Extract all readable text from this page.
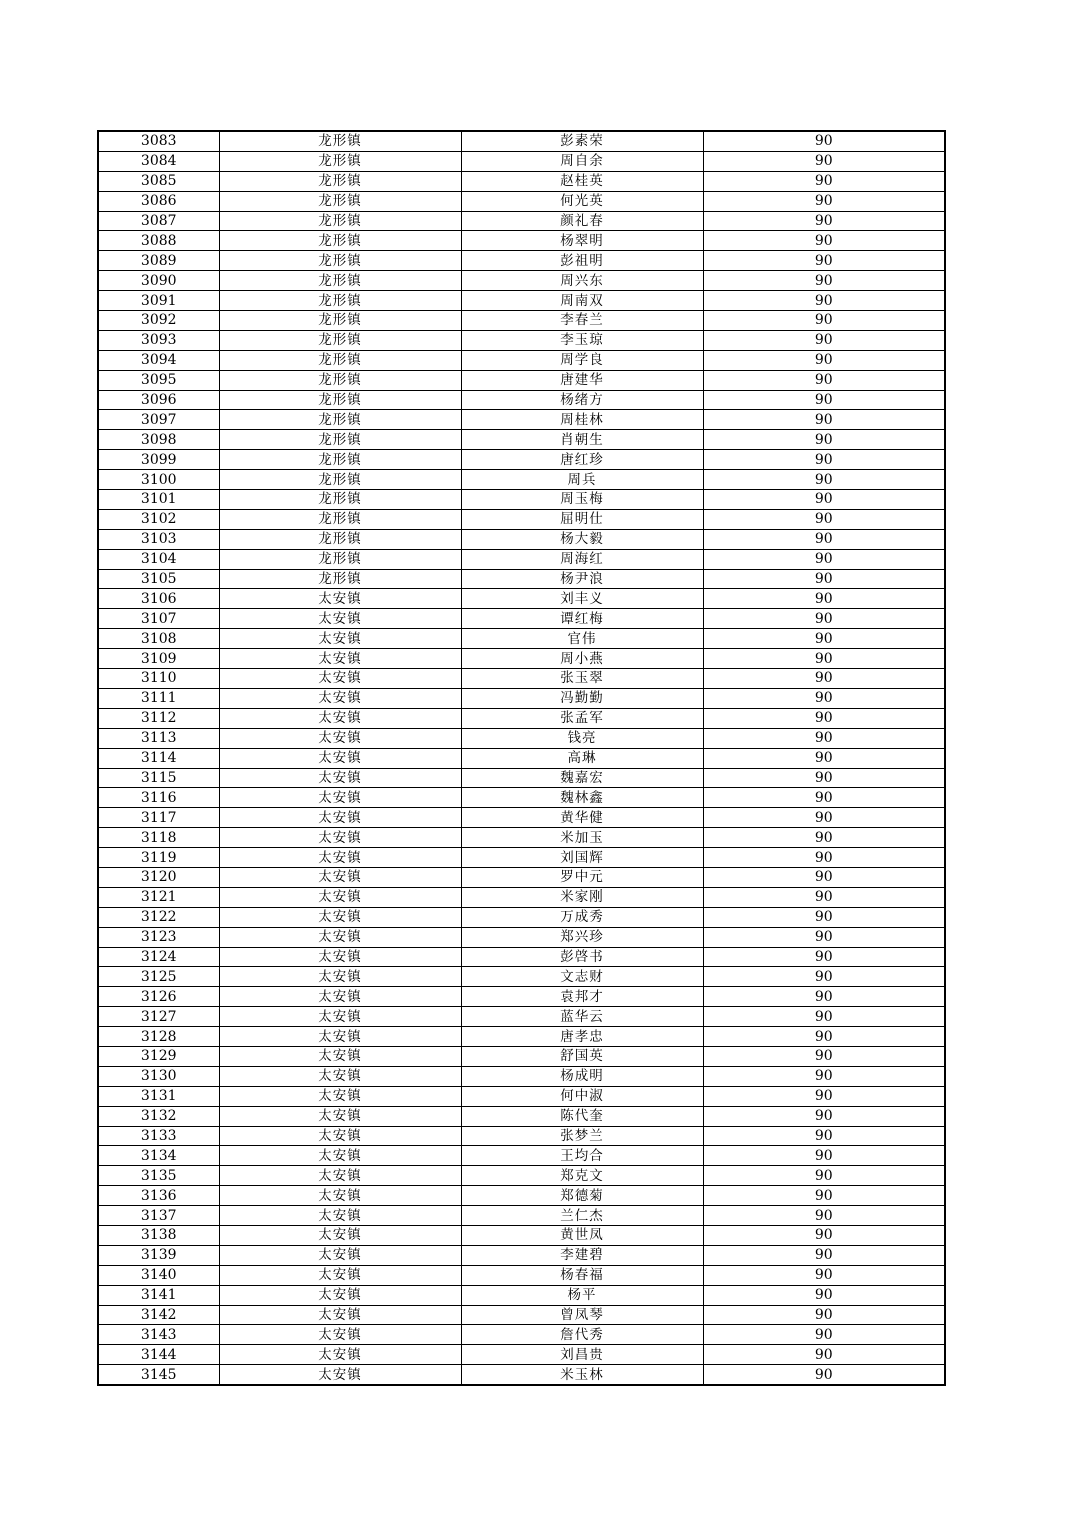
3083	龙形镇	彭素荣	90
3084	龙形镇	周自余	90
3085	龙形镇	赵桂英	90
3086	龙形镇	何光英	90
3087	龙形镇	颜礼春	90
3088	龙形镇	杨翠明	90
3089	龙形镇	彭祖明	90
3090	龙形镇	周兴东	90
3091	龙形镇	周南双	90
3092	龙形镇	李春兰	90
3093	龙形镇	李玉琼	90
3094	龙形镇	周学良	90
3095	龙形镇	唐建华	90
3096	龙形镇	杨绪方	90
3097	龙形镇	周桂林	90
3098	龙形镇	肖朝生	90
3099	龙形镇	唐红珍	90
3100	龙形镇	周兵	90
3101	龙形镇	周玉梅	90
3102	龙形镇	屈明仕	90
3103	龙形镇	杨大毅	90
3104	龙形镇	周海红	90
3105	龙形镇	杨尹浪	90
3106	太安镇	刘丰义	90
3107	太安镇	谭红梅	90
3108	太安镇	官伟	90
3109	太安镇	周小燕	90
3110	太安镇	张玉翠	90
3111	太安镇	冯勤勤	90
3112	太安镇	张孟军	90
3113	太安镇	钱亮	90
3114	太安镇	高琳	90
3115	太安镇	魏嘉宏	90
3116	太安镇	魏林鑫	90
3117	太安镇	黄华健	90
3118	太安镇	米加玉	90
3119	太安镇	刘国辉	90
3120	太安镇	罗中元	90
3121	太安镇	米家刚	90
3122	太安镇	万成秀	90
3123	太安镇	郑兴珍	90
3124	太安镇	彭啓书	90
3125	太安镇	文志财	90
3126	太安镇	袁邦才	90
3127	太安镇	蓝华云	90
3128	太安镇	唐孝忠	90
3129	太安镇	舒国英	90
3130	太安镇	杨成明	90
3131	太安镇	何中淑	90
3132	太安镇	陈代奎	90
3133	太安镇	张梦兰	90
3134	太安镇	王均合	90
3135	太安镇	郑克文	90
3136	太安镇	郑德菊	90
3137	太安镇	兰仁杰	90
3138	太安镇	黄世凤	90
3139	太安镇	李建碧	90
3140	太安镇	杨春福	90
3141	太安镇	杨平	90
3142	太安镇	曾凤琴	90
3143	太安镇	詹代秀	90
3144	太安镇	刘昌贵	90
3145	太安镇	米玉林	90
